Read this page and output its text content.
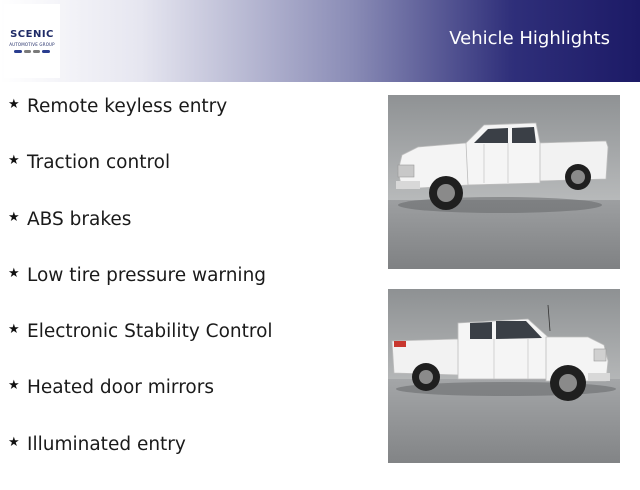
SCENIC
AUTOMOTIVE GROUP	Vehicle Highlights
★ Remote keyless entry
★ Traction control
★ ABS brakes
★ Low tire pressure warning
★ Electronic Stability Control
★ Heated door mirrors
★ Illuminated entry
